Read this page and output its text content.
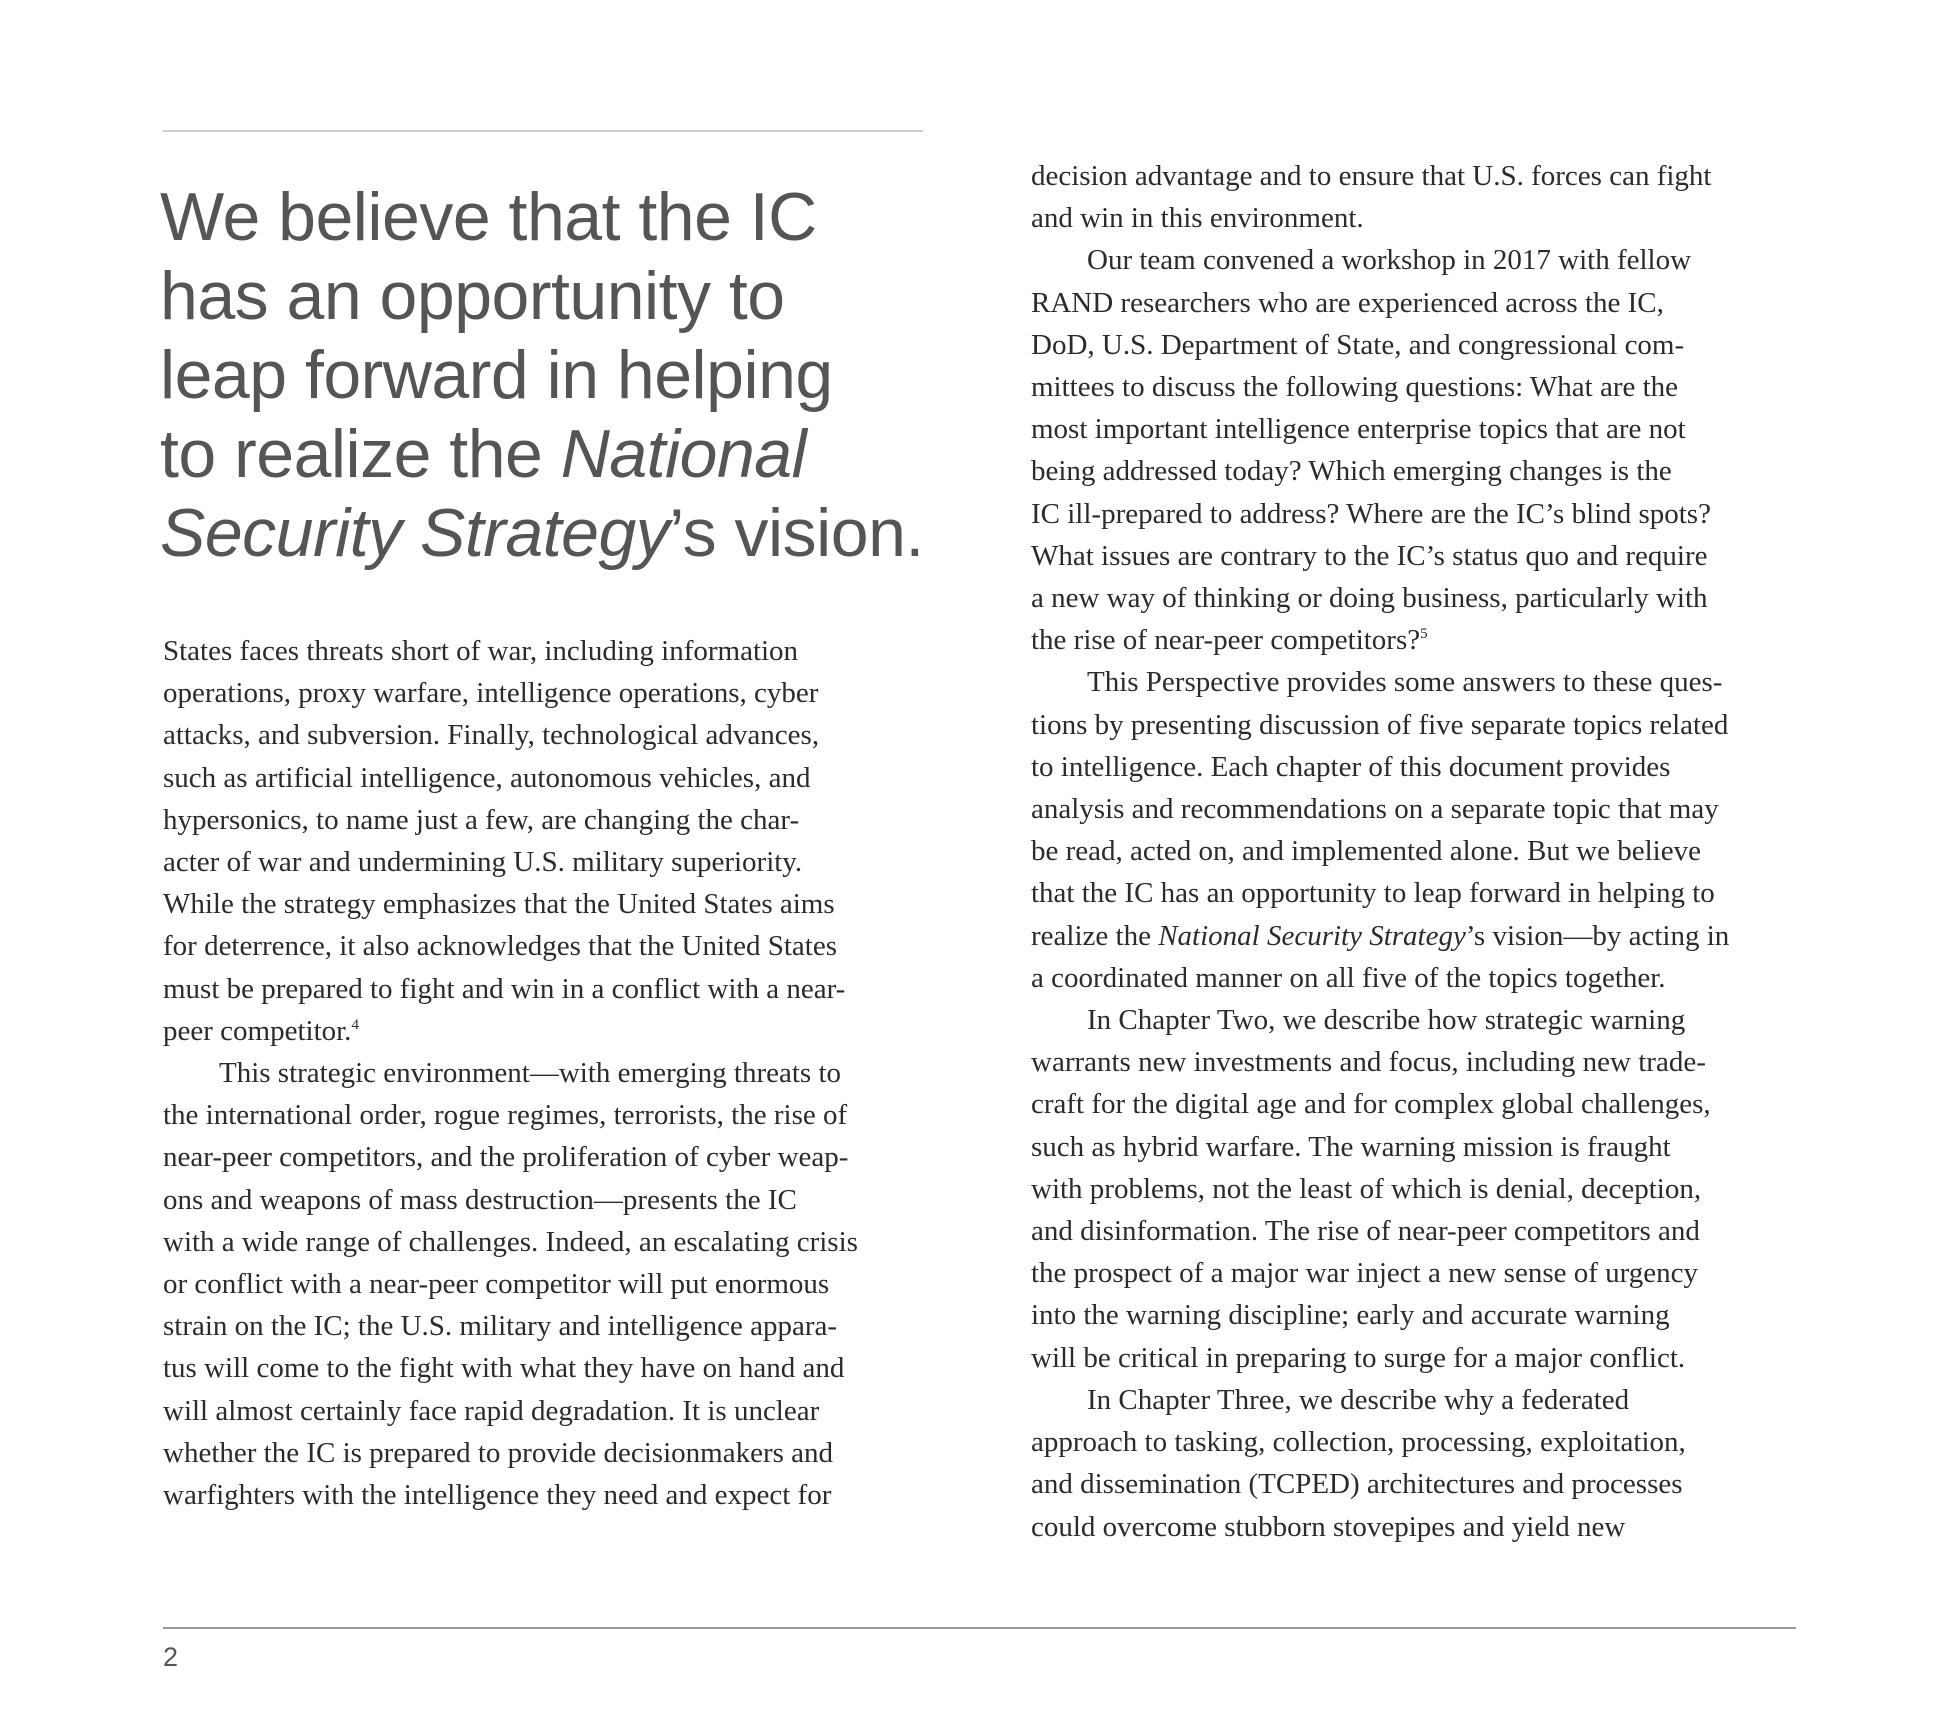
We believe that the IC
has an opportunity to
leap forward in helping
to realize the National
Security Strategy’s vision.
States faces threats short of war, including information
operations, proxy warfare, intelligence operations, cyber
attacks, and subversion. Finally, technological advances,
such as artificial intelligence, autonomous vehicles, and
hypersonics, to name just a few, are changing the char-
acter of war and undermining U.S. military superiority.
While the strategy emphasizes that the United States aims
for deterrence, it also acknowledges that the United States
must be prepared to fight and win in a conflict with a near-
peer competitor.$^4$
This strategic environment—with emerging threats to
the international order, rogue regimes, terrorists, the rise of
near-peer competitors, and the proliferation of cyber weap-
ons and weapons of mass destruction—presents the IC
with a wide range of challenges. Indeed, an escalating crisis
or conflict with a near-peer competitor will put enormous
strain on the IC; the U.S. military and intelligence appara-
tus will come to the fight with what they have on hand and
will almost certainly face rapid degradation. It is unclear
whether the IC is prepared to provide decisionmakers and
warfighters with the intelligence they need and expect for
decision advantage and to ensure that U.S. forces can fight
and win in this environment.
Our team convened a workshop in 2017 with fellow
RAND researchers who are experienced across the IC,
DoD, U.S. Department of State, and congressional com-
mittees to discuss the following questions: What are the
most important intelligence enterprise topics that are not
being addressed today? Which emerging changes is the
IC ill-prepared to address? Where are the IC’s blind spots?
What issues are contrary to the IC’s status quo and require
a new way of thinking or doing business, particularly with
the rise of near-peer competitors?$^5$
This Perspective provides some answers to these ques-
tions by presenting discussion of five separate topics related
to intelligence. Each chapter of this document provides
analysis and recommendations on a separate topic that may
be read, acted on, and implemented alone. But we believe
that the IC has an opportunity to leap forward in helping to
realize the National Security Strategy’s vision—by acting in
a coordinated manner on all five of the topics together.
In Chapter Two, we describe how strategic warning
warrants new investments and focus, including new trade-
craft for the digital age and for complex global challenges,
such as hybrid warfare. The warning mission is fraught
with problems, not the least of which is denial, deception,
and disinformation. The rise of near-peer competitors and
the prospect of a major war inject a new sense of urgency
into the warning discipline; early and accurate warning
will be critical in preparing to surge for a major conflict.
In Chapter Three, we describe why a federated
approach to tasking, collection, processing, exploitation,
and dissemination (TCPED) architectures and processes
could overcome stubborn stovepipes and yield new
2
